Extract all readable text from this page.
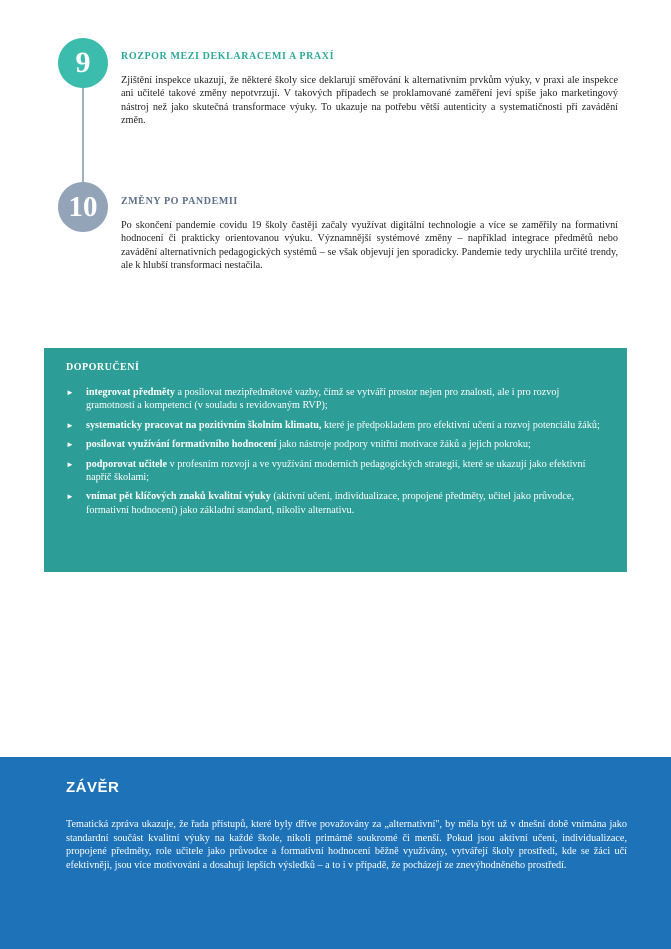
9	ROZPOR MEZI DEKLARACEMI A PRAXÍ

Zjištění inspekce ukazují, že některé školy sice deklarují směřování k alternativním prvkům výuky, v praxi ale inspekce ani učitelé takové změny nepotvrzují. V takových případech se proklamované zaměření jeví spíše jako marketingový nástroj než jako skutečná transformace výuky. To ukazuje na potřebu větší autenticity a systematičnosti při zavádění změn.

10	ZMĚNY PO PANDEMII

Po skončení pandemie covidu 19 školy častěji začaly využívat digitální technologie a více se zaměřily na formativní hodnocení či prakticky orientovanou výuku. Významnější systémové změny – například integrace předmětů nebo zavádění alternativních pedagogických systémů – se však objevují jen sporadicky. Pandemie tedy urychlila určité trendy, ale k hlubší transformaci nestačila.

DOPORUČENÍ
► integrovat předměty a posilovat mezipředmětové vazby, čímž se vytváří prostor nejen pro znalosti, ale i pro rozvoj gramotností a kompetencí (v souladu s revidovaným RVP);
► systematicky pracovat na pozitivním školním klimatu, které je předpokladem pro efektivní učení a rozvoj potenciálu žáků;
► posilovat využívání formativního hodnocení jako nástroje podpory vnitřní motivace žáků a jejich pokroku;
► podporovat učitele v profesním rozvoji a ve využívání moderních pedagogických strategií, které se ukazují jako efektivní napříč školami;
► vnímat pět klíčových znaků kvalitní výuky (aktivní učení, individualizace, propojené předměty, učitel jako průvodce, formativní hodnocení) jako základní standard, nikoliv alternativu.
ZÁVĚR

Tematická zpráva ukazuje, že řada přístupů, které byly dříve považovány za „alternativní", by měla být už v dnešní době vnímána jako standardní součást kvalitní výuky na každé škole, nikoli primárně soukromé či menší. Pokud jsou aktivní učení, individualizace, propojené předměty, role učitele jako průvodce a formativní hodnocení běžně využívány, vytvářejí školy prostředí, kde se žáci učí efektivněji, jsou více motivováni a dosahují lepších výsledků – a to i v případě, že pocházejí ze znevýhodněného prostředí.
